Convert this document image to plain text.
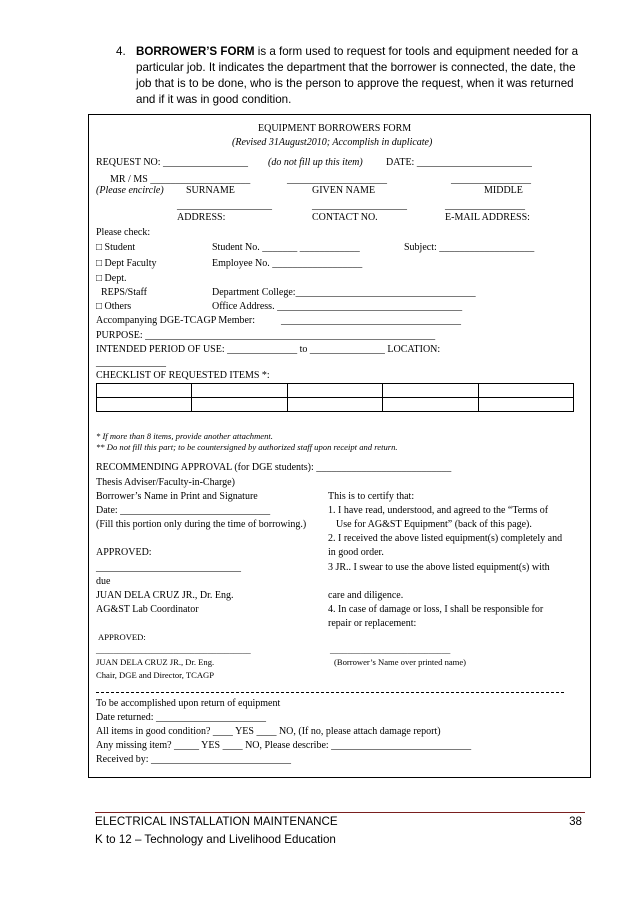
4. BORROWER’S FORM is a form used to request for tools and equipment needed for a particular job. It indicates the department that the borrower is connected, the date, the job that is to be done, who is the person to approve the request, when it was returned and if it was in good condition.
EQUIPMENT BORROWERS FORM
(Revised 31August2010; Accomplish in duplicate)
REQUEST NO: _________________ (do not fill up this item) DATE: _______________________
MR / MS ____________________	____________________	________________
(Please encircle) SURNAME	GIVEN NAME	MIDDLE
___________________	___________________	________________
ADDRESS:	CONTACT NO.	E-MAIL ADDRESS:
Please check:
□ Student	Student No. _______ ____________	Subject: ___________________
□ Dept Faculty	Employee No. __________________
□ Dept.
REPS/Staff	Department College:____________________________________
□ Others	Office Address. _____________________________________
Accompanying DGE-TCAGP Member:	____________________________________
PURPOSE: __________________________________________________________
INTENDED PERIOD OF USE: ______________ to _______________ LOCATION:
______________
CHECKLIST OF REQUESTED ITEMS *:

* If more than 8 items, provide another attachment.
** Do not fill this part; to be countersigned by authorized staff upon receipt and return.
RECOMMENDING APPROVAL (for DGE students): ___________________________
Thesis Adviser/Faculty-in-Charge)
Borrower’s Name in Print and Signature	This is to certify that:
Date: ______________________________	1. I have read, understood, and agreed to the “Terms of
(Fill this portion only during the time of borrowing.)	Use for AG&ST Equipment” (back of this page).
2. I received the above listed equipment(s) completely and
APPROVED:	in good order.
_____________________________	3 JR.. I swear to use the above listed equipment(s) with
due
JUAN DELA CRUZ JR., Dr. Eng.	care and diligence.
AG&ST Lab Coordinator	4. In case of damage or loss, I shall be responsible for
repair or replacement:
APPROVED:
____________________________________	____________________________
JUAN DELA CRUZ JR., Dr. Eng.	(Borrower’s Name over printed name)
Chair, DGE and Director, TCAGP
To be accomplished upon return of equipment
Date returned: ______________________
All items in good condition? ____ YES ____ NO, (If no, please attach damage report)
Any missing item? _____ YES ____ NO, Please describe: ____________________________
Received by: ____________________________
ELECTRICAL INSTALLATION MAINTENANCE	38
K to 12 – Technology and Livelihood Education
